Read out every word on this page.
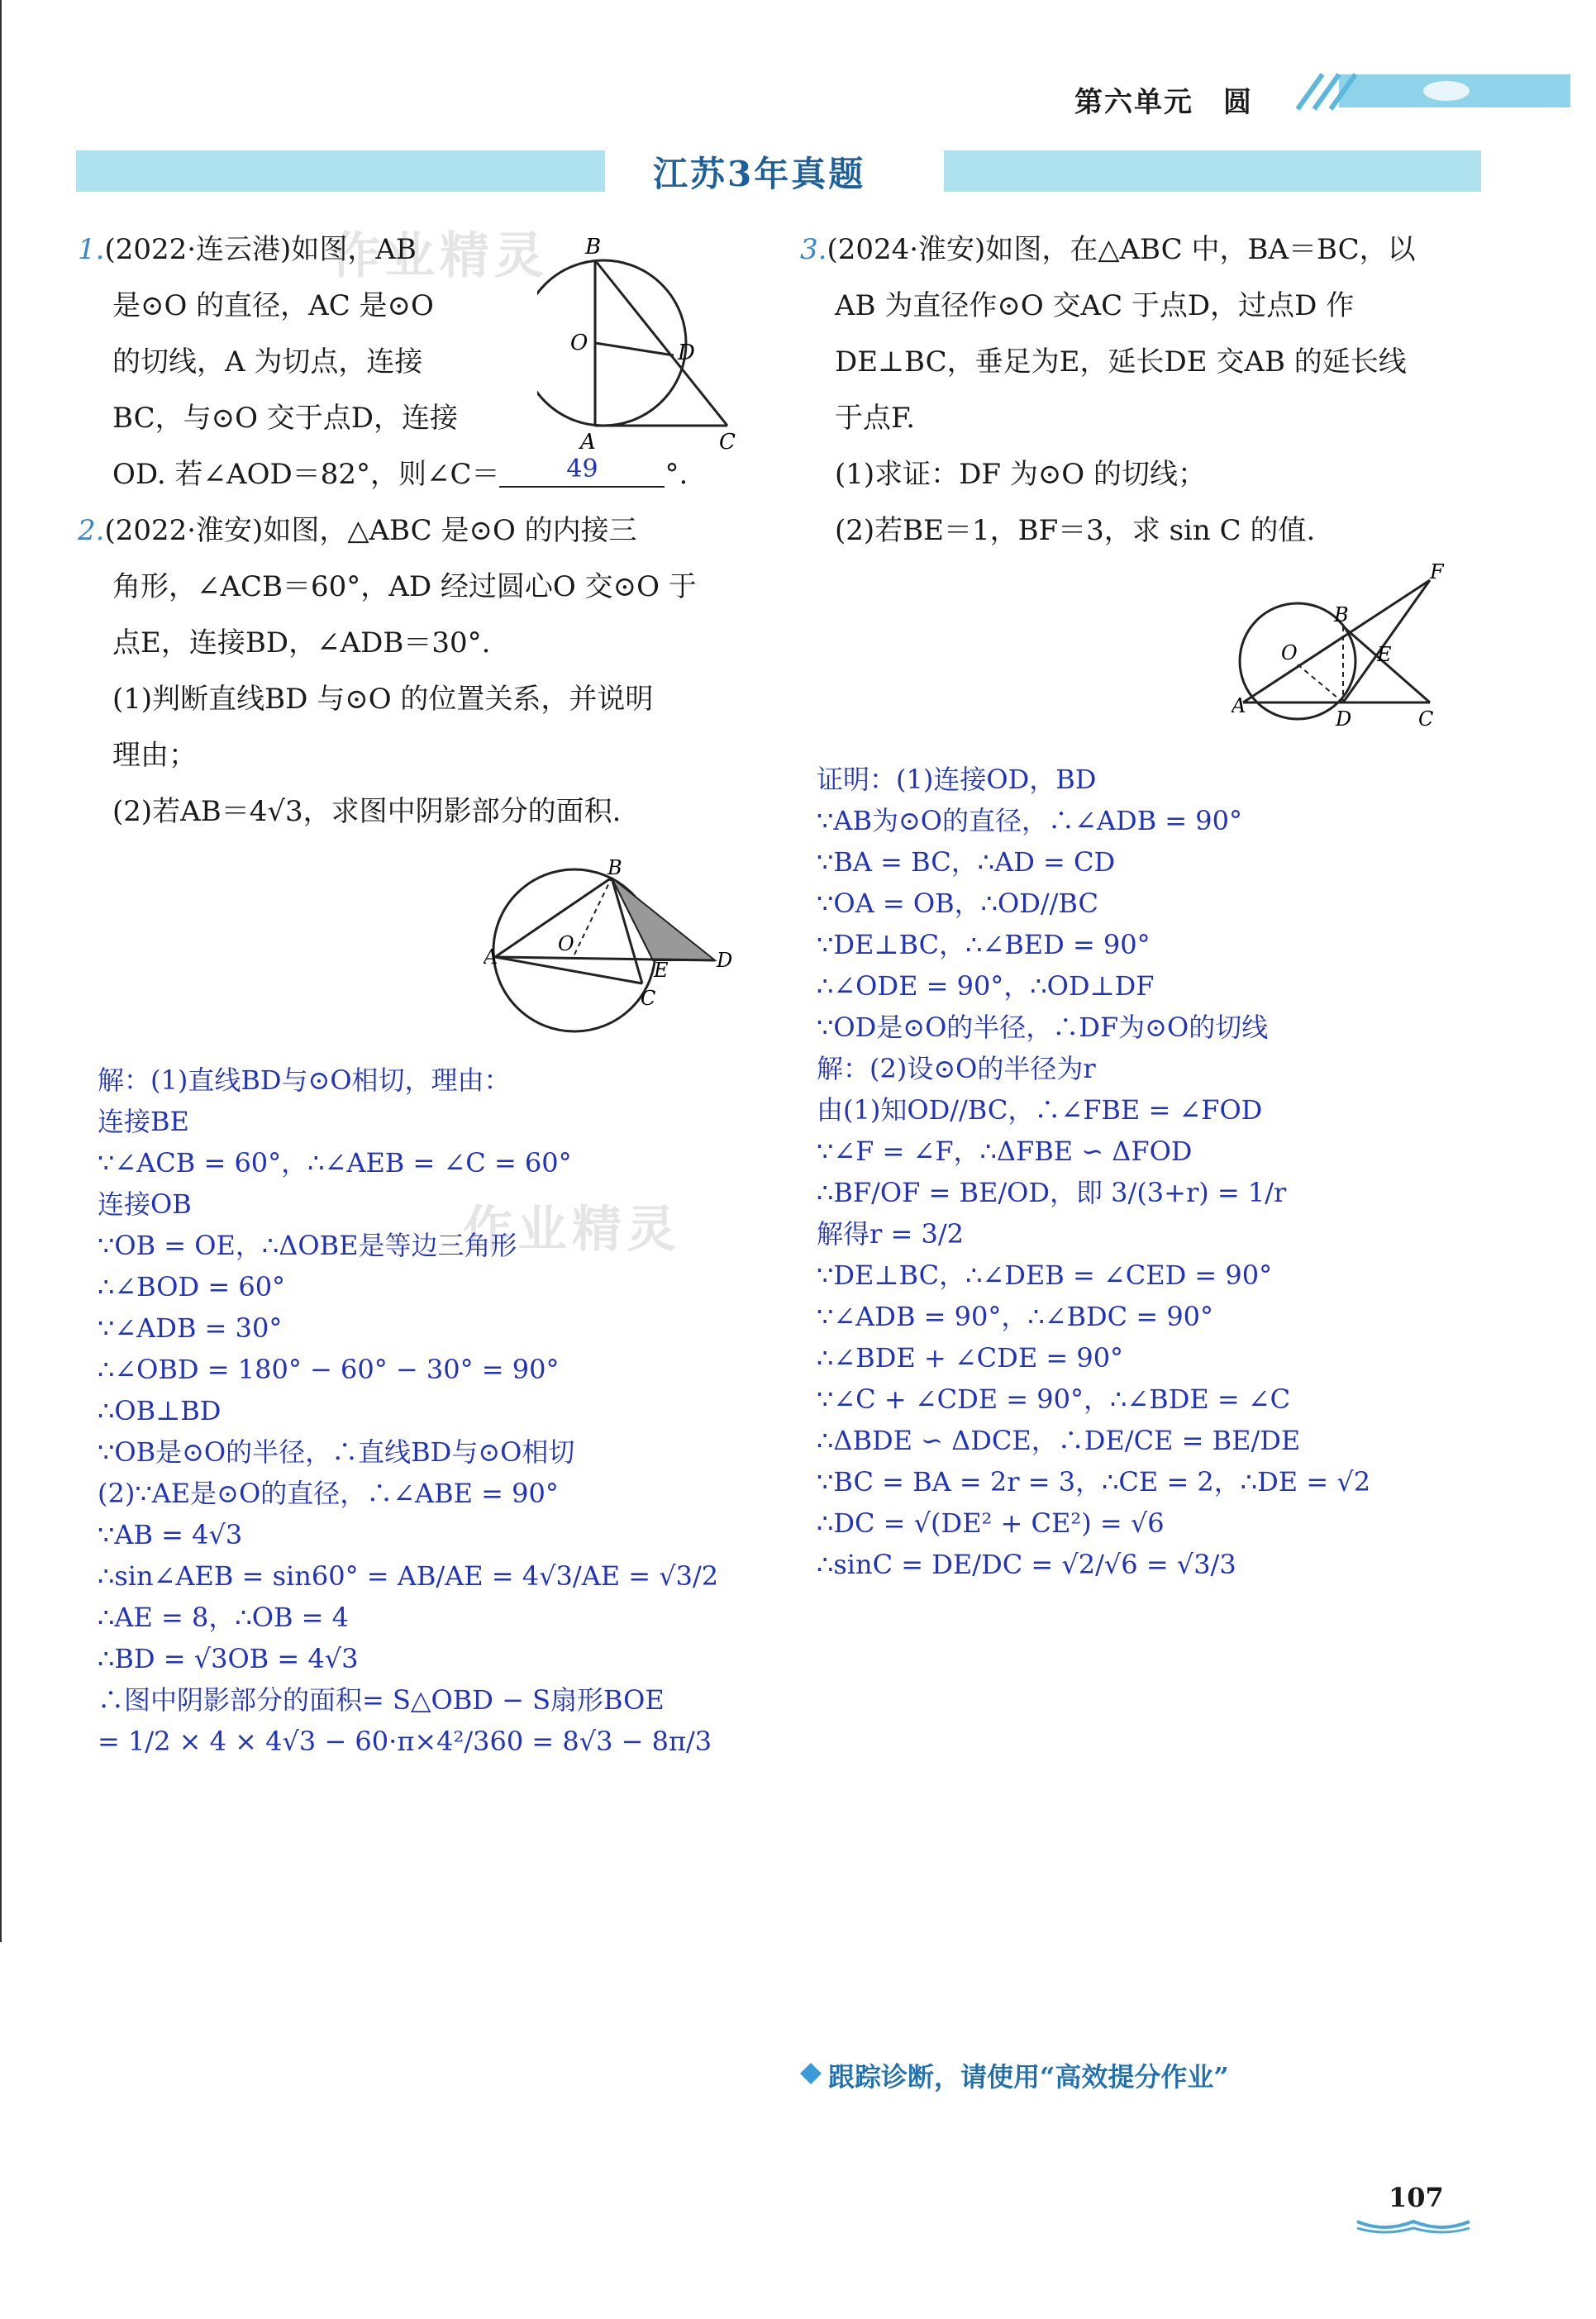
第六单元　圆
江苏3年真题
作业精灵
作业精灵
1.(2022·连云港)如图，AB
是⊙O 的直径，AC 是⊙O
的切线，A 为切点，连接
BC，与⊙O 交于点D，连接
OD. 若∠AOD＝82°，则∠C＝	49 °.
B
O	D
A	C
2.(2022·淮安)如图，△ABC 是⊙O 的内接三
角形，∠ACB＝60°，AD 经过圆心O 交⊙O 于
点E，连接BD，∠ADB＝30°.
(1)判断直线BD 与⊙O 的位置关系，并说明
理由；
(2)若AB＝4√3，求图中阴影部分的面积.
B
A
O
E D
C
解：(1)直线BD与⊙O相切，理由：
连接BE
∵∠ACB = 60°，∴∠AEB = ∠C = 60°
连接OB
∵OB = OE，∴ΔOBE是等边三角形
∴∠BOD = 60°
∵∠ADB = 30°
∴∠OBD = 180° − 60° − 30° = 90°
∴OB⊥BD
∵OB是⊙O的半径，∴直线BD与⊙O相切
(2)∵AE是⊙O的直径，∴∠ABE = 90°
∵AB = 4√3
∴sin∠AEB = sin60° = AB/AE = 4√3/AE = √3/2
∴AE = 8，∴OB = 4
∴BD = √3OB = 4√3
∴图中阴影部分的面积= S△OBD − S扇形BOE
= 1/2 × 4 × 4√3 − 60·π×4²/360 = 8√3 − 8π/3
3.(2024·淮安)如图，在△ABC 中，BA＝BC，以
AB 为直径作⊙O 交AC 于点D，过点D 作
DE⊥BC，垂足为E，延长DE 交AB 的延长线
于点F.
(1)求证：DF 为⊙O 的切线；
(2)若BE＝1，BF＝3，求 sin C 的值.
F
B
O	E
A
D	C
证明：(1)连接OD，BD
∵AB为⊙O的直径，∴∠ADB = 90°
∵BA = BC，∴AD = CD
∵OA = OB，∴OD//BC
∵DE⊥BC，∴∠BED = 90°
∴∠ODE = 90°，∴OD⊥DF
∵OD是⊙O的半径，∴DF为⊙O的切线
解：(2)设⊙O的半径为r
由(1)知OD//BC，∴∠FBE = ∠FOD
∵∠F = ∠F，∴ΔFBE ∽ ΔFOD
∴BF/OF = BE/OD，即 3/(3+r) = 1/r
解得r = 3/2
∵DE⊥BC，∴∠DEB = ∠CED = 90°
∵∠ADB = 90°，∴∠BDC = 90°
∴∠BDE + ∠CDE = 90°
∵∠C + ∠CDE = 90°，∴∠BDE = ∠C
∴ΔBDE ∽ ΔDCE，∴DE/CE = BE/DE
∵BC = BA = 2r = 3，∴CE = 2，∴DE = √2
∴DC = √(DE² + CE²) = √6
∴sinC = DE/DC = √2/√6 = √3/3
跟踪诊断，请使用“高效提分作业”
107
